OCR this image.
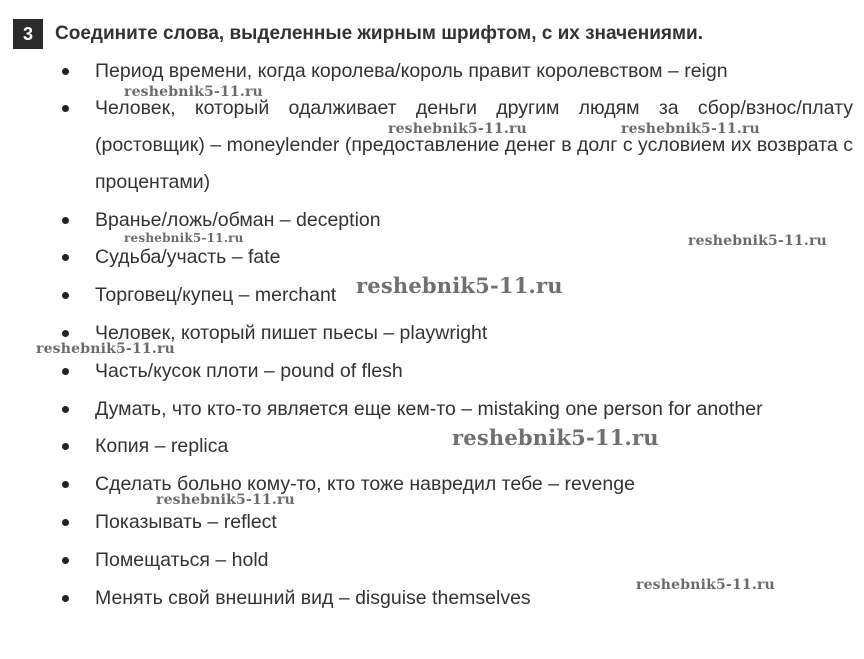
3	Соедините слова, выделенные жирным шрифтом, с их значениями.
Период времени, когда королева/король правит королевством – reign
Человек, который одалживает деньги другим людям за сбор/взнос/плату (ростовщик) – moneylender (предоставление денег в долг с условием их возврата с процентами)
Вранье/ложь/обман – deception
Судьба/участь – fate
Торговец/купец – merchant
Человек, который пишет пьесы – playwright
Часть/кусок плоти – pound of flesh
Думать, что кто-то является еще кем-то – mistaking one person for another
Копия – replica
Сделать больно кому-то, кто тоже навредил тебе – revenge
Показывать – reflect
Помещаться – hold
Менять свой внешний вид – disguise themselves
reshebnik5-11.ru
reshebnik5-11.ru	reshebnik5-11.ru
reshebnik5-11.ru	reshebnik5-11.ru
reshebnik5-11.ru
reshebnik5-11.ru
reshebnik5-11.ru
reshebnik5-11.ru
reshebnik5-11.ru
